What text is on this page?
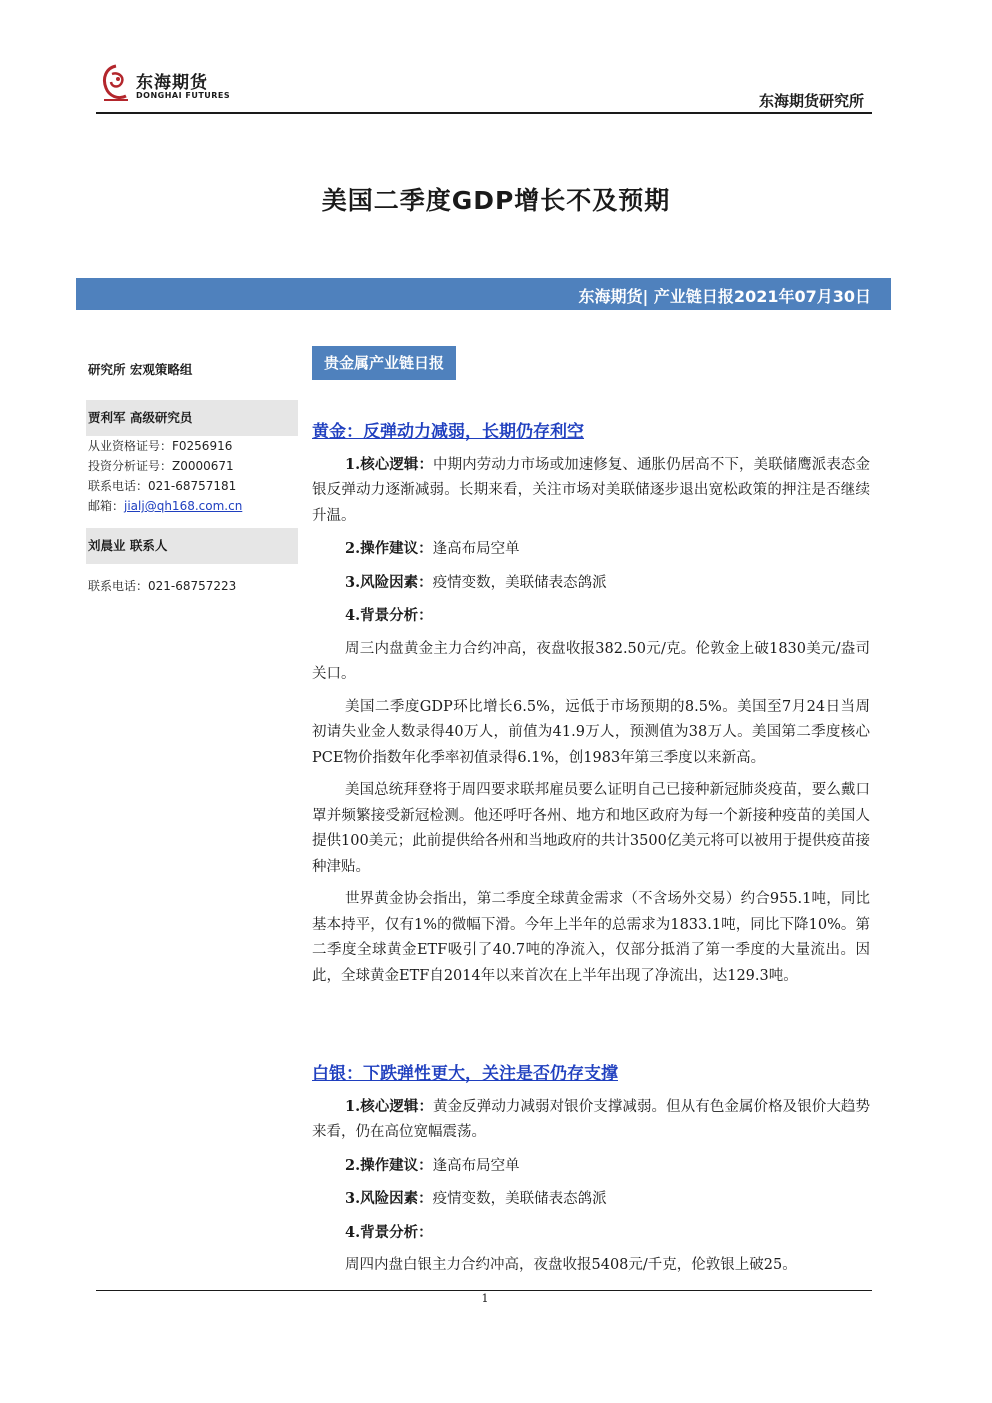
东海期货
DONGHAI FUTURES	东海期货研究所
美国二季度GDP增长不及预期
东海期货| 产业链日报2021年07月30日
研究所 宏观策略组
贾利军 高级研究员
从业资格证号：F0256916
投资分析证号：Z0000671
联系电话：021-68757181
邮箱：jialj@qh168.com.cn
刘晨业 联系人
联系电话：021-68757223
贵金属产业链日报
黄金：反弹动力减弱，长期仍存利空

1.核心逻辑：中期内劳动力市场或加速修复、通胀仍居高不下，美联储鹰派表态金银反弹动力逐渐减弱。长期来看，关注市场对美联储逐步退出宽松政策的押注是否继续升温。

2.操作建议：逢高布局空单

3.风险因素：疫情变数，美联储表态鸽派

4.背景分析：

周三内盘黄金主力合约冲高，夜盘收报382.50元/克。伦敦金上破1830美元/盎司关口。

美国二季度GDP环比增长6.5%，远低于市场预期的8.5%。美国至7月24日当周初请失业金人数录得40万人，前值为41.9万人，预测值为38万人。美国第二季度核心PCE物价指数年化季率初值录得6.1%，创1983年第三季度以来新高。

美国总统拜登将于周四要求联邦雇员要么证明自己已接种新冠肺炎疫苗，要么戴口罩并频繁接受新冠检测。他还呼吁各州、地方和地区政府为每一个新接种疫苗的美国人提供100美元；此前提供给各州和当地政府的共计3500亿美元将可以被用于提供疫苗接种津贴。

世界黄金协会指出，第二季度全球黄金需求（不含场外交易）约合955.1吨，同比基本持平，仅有1%的微幅下滑。今年上半年的总需求为1833.1吨，同比下降10%。第二季度全球黄金ETF吸引了40.7吨的净流入，仅部分抵消了第一季度的大量流出。因此，全球黄金ETF自2014年以来首次在上半年出现了净流出，达129.3吨。

白银：下跌弹性更大，关注是否仍存支撑

1.核心逻辑：黄金反弹动力减弱对银价支撑减弱。但从有色金属价格及银价大趋势来看，仍在高位宽幅震荡。

2.操作建议：逢高布局空单

3.风险因素：疫情变数，美联储表态鸽派

4.背景分析：

周四内盘白银主力合约冲高，夜盘收报5408元/千克，伦敦银上破25。

1
